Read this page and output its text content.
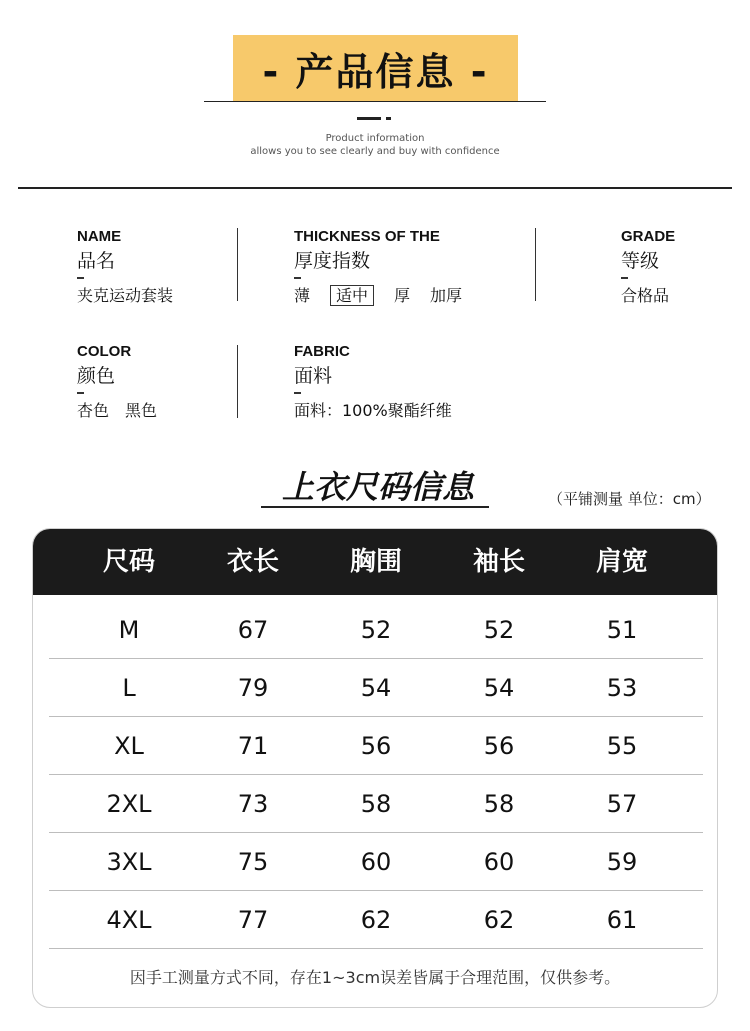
- 产品信息 -
Product information
allows you to see clearly and buy with confidence
NAME
品名
夹克运动套装
THICKNESS OF THE
厚度指数
薄 适中 厚 加厚
GRADE
等级
合格品
COLOR
颜色
杏色 黑色
FABRIC
面料
面料：100%聚酯纤维
上衣尺码信息	（平铺测量 单位：cm）
尺码	衣长	胸围	袖长	肩宽
M	67	52	52	51
L	79	54	54	53
XL	71	56	56	55
2XL	73	58	58	57
3XL	75	60	60	59
4XL	77	62	62	61
因手工测量方式不同，存在1~3cm误差皆属于合理范围，仅供参考。
